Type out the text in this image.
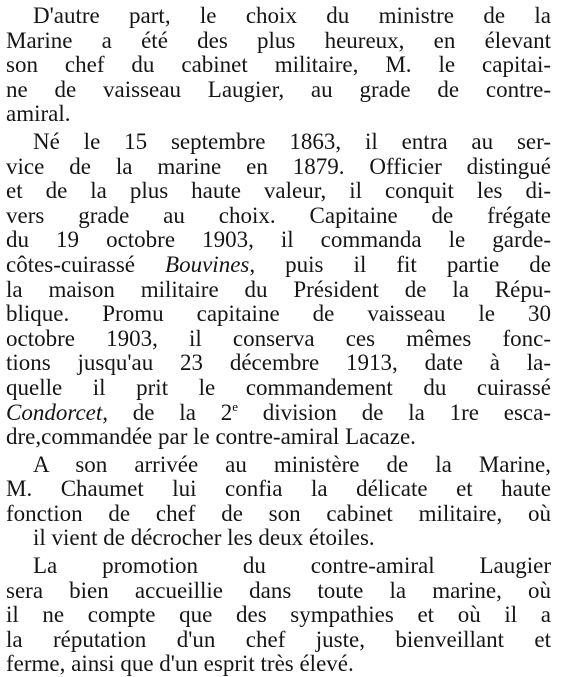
D'autre part, le choix du ministre de la
Marine a été des plus heureux, en élevant
son chef du cabinet militaire, M. le capitai-
ne de vaisseau Laugier, au grade de contre-
amiral.
Né le 15 septembre 1863, il entra au ser-
vice de la marine en 1879. Officier distingué
et de la plus haute valeur, il conquit les di-
vers grade au choix. Capitaine de frégate
du 19 octobre 1903, il commanda le garde-
côtes-cuirassé Bouvines, puis il fit partie de
la maison militaire du Président de la Répu-
blique. Promu capitaine de vaisseau le 30
octobre 1903, il conserva ces mêmes fonc-
tions jusqu'au 23 décembre 1913, date à la-
quelle il prit le commandement du cuirassé
Condorcet, de la 2e division de la 1re esca-
dre,commandée par le contre-amiral Lacaze.
A son arrivée au ministère de la Marine,
M. Chaumet lui confia la délicate et haute
fonction de chef de son cabinet militaire, où
il vient de décrocher les deux étoiles.
La promotion du contre-amiral Laugier
sera bien accueillie dans toute la marine, où
il ne compte que des sympathies et où il a
la réputation d'un chef juste, bienveillant et
ferme, ainsi que d'un esprit très élevé.
